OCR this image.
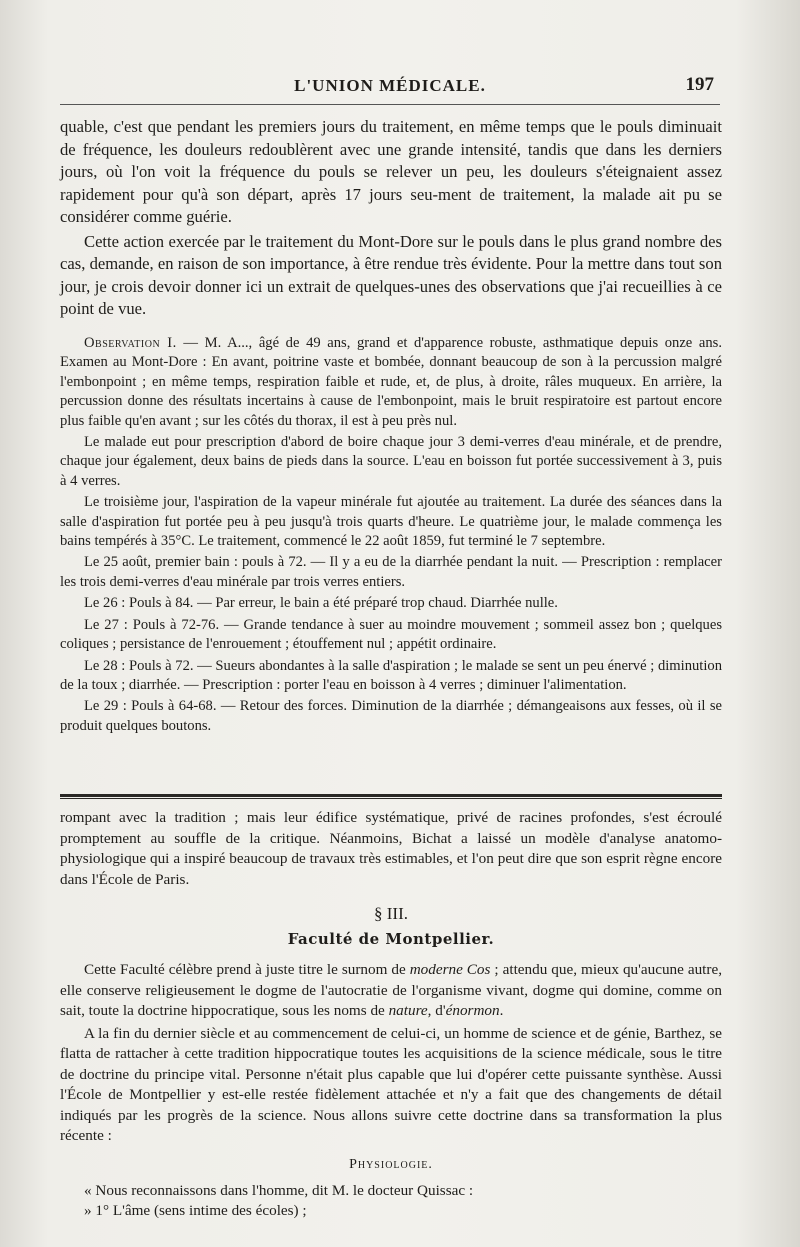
L'UNION MÉDICALE.	197

quable, c'est que pendant les premiers jours du traitement, en même temps que le pouls diminuait de fréquence, les douleurs redoublèrent avec une grande intensité, tandis que dans les derniers jours, où l'on voit la fréquence du pouls se relever un peu, les douleurs s'éteignaient assez rapidement pour qu'à son départ, après 17 jours seu-ment de traitement, la malade ait pu se considérer comme guérie.

Cette action exercée par le traitement du Mont-Dore sur le pouls dans le plus grand nombre des cas, demande, en raison de son importance, à être rendue très évidente. Pour la mettre dans tout son jour, je crois devoir donner ici un extrait de quelques-unes des observations que j'ai recueillies à ce point de vue.

Observation I. — M. A..., âgé de 49 ans, grand et d'apparence robuste, asthmatique depuis onze ans. Examen au Mont-Dore : En avant, poitrine vaste et bombée, donnant beaucoup de son à la percussion malgré l'embonpoint ; en même temps, respiration faible et rude, et, de plus, à droite, râles muqueux. En arrière, la percussion donne des résultats incertains à cause de l'embonpoint, mais le bruit respiratoire est partout encore plus faible qu'en avant ; sur les côtés du thorax, il est à peu près nul.

Le malade eut pour prescription d'abord de boire chaque jour 3 demi-verres d'eau minérale, et de prendre, chaque jour également, deux bains de pieds dans la source. L'eau en boisson fut portée successivement à 3, puis à 4 verres.

Le troisième jour, l'aspiration de la vapeur minérale fut ajoutée au traitement. La durée des séances dans la salle d'aspiration fut portée peu à peu jusqu'à trois quarts d'heure. Le quatrième jour, le malade commença les bains tempérés à 35°C. Le traitement, commencé le 22 août 1859, fut terminé le 7 septembre.

Le 25 août, premier bain : pouls à 72. — Il y a eu de la diarrhée pendant la nuit. — Prescription : remplacer les trois demi-verres d'eau minérale par trois verres entiers.

Le 26 : Pouls à 84. — Par erreur, le bain a été préparé trop chaud. Diarrhée nulle.

Le 27 : Pouls à 72-76. — Grande tendance à suer au moindre mouvement ; sommeil assez bon ; quelques coliques ; persistance de l'enrouement ; étouffement nul ; appétit ordinaire.

Le 28 : Pouls à 72. — Sueurs abondantes à la salle d'aspiration ; le malade se sent un peu énervé ; diminution de la toux ; diarrhée. — Prescription : porter l'eau en boisson à 4 verres ; diminuer l'alimentation.

Le 29 : Pouls à 64-68. — Retour des forces. Diminution de la diarrhée ; démangeaisons aux fesses, où il se produit quelques boutons.

rompant avec la tradition ; mais leur édifice systématique, privé de racines profondes, s'est écroulé promptement au souffle de la critique. Néanmoins, Bichat a laissé un modèle d'analyse anatomo-physiologique qui a inspiré beaucoup de travaux très estimables, et l'on peut dire que son esprit règne encore dans l'École de Paris.

§ III.
Faculté de Montpellier.

Cette Faculté célèbre prend à juste titre le surnom de moderne Cos ; attendu que, mieux qu'aucune autre, elle conserve religieusement le dogme de l'autocratie de l'organisme vivant, dogme qui domine, comme on sait, toute la doctrine hippocratique, sous les noms de nature, d'énormon.

A la fin du dernier siècle et au commencement de celui-ci, un homme de science et de génie, Barthez, se flatta de rattacher à cette tradition hippocratique toutes les acquisitions de la science médicale, sous le titre de doctrine du principe vital. Personne n'était plus capable que lui d'opérer cette puissante synthèse. Aussi l'École de Montpellier y est-elle restée fidèlement attachée et n'y a fait que des changements de détail indiqués par les progrès de la science. Nous allons suivre cette doctrine dans sa transformation la plus récente :

Physiologie.

« Nous reconnaissons dans l'homme, dit M. le docteur Quissac :

» 1° L'âme (sens intime des écoles) ;
